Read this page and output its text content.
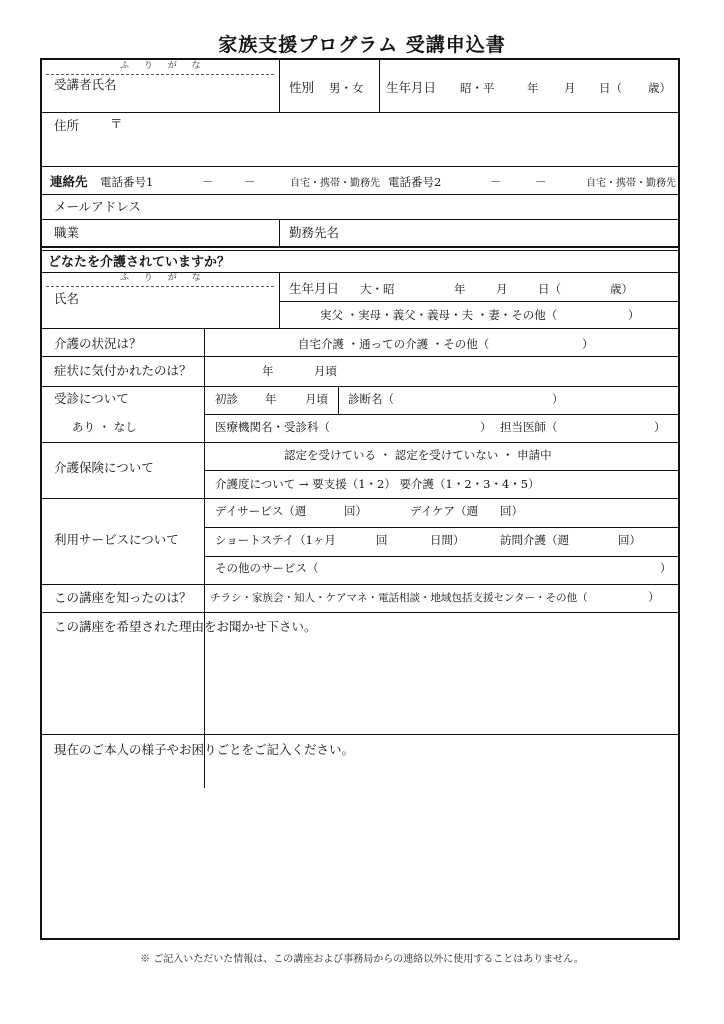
家族支援プログラム 受講申込書
ふ り が な
受講者氏名	性別 男・女 生年月日 昭・平	年 月 日（ 歳）
住所 〒
連絡先 電話番号1	－	－	自宅・携帯・勤務先 電話番号2	－	－	自宅・携帯・勤務先
メールアドレス
職業	勤務先名
どなたを介護されていますか？
ふ り が な
氏名
生年月日 大・昭	年	月	日（	歳）
実父 ・実母・義父・義母・夫 ・妻・その他（	）
介護の状況は？	自宅介護 ・通っての介護 ・その他（	）
症状に気付かれたのは？	年	月頃
受診について
あり ・ なし
初診 年 月頃 診断名（	）
医療機関名・受診科（	） 担当医師（	）
介護保険について
認定を受けている ・ 認定を受けていない ・ 申請中
介護度について → 要支援（1・2） 要介護（1・2・3・4・5）
利用サービスについて
デイサービス（週	回）	デイケア（週 回）
ショートステイ（1ヶ月	回	日間）	訪問介護（週	回）
その他のサービス（	）
この講座を知ったのは？ チラシ・家族会・知人・ケアマネ・電話相談・地域包括支援センター・その他（	）
この講座を希望された理由をお聞かせ下さい。
現在のご本人の様子やお困りごとをご記入ください。
※ ご記入いただいた情報は、この講座および事務局からの連絡以外に使用することはありません。
